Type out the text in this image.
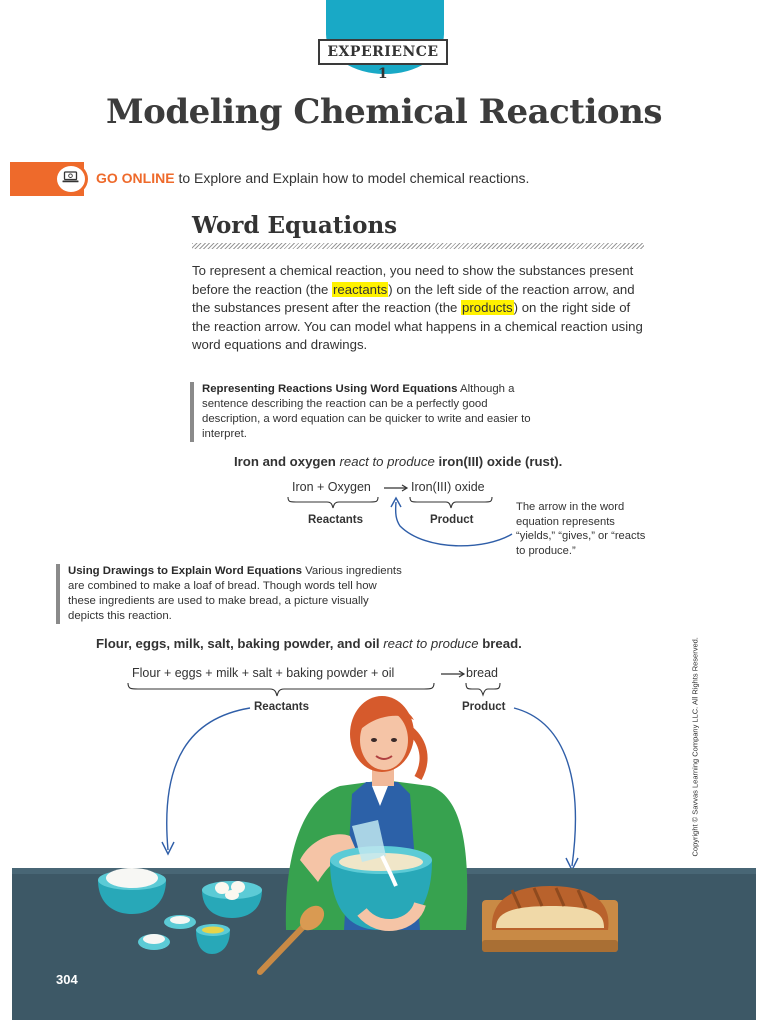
EXPERIENCE 1
Modeling Chemical Reactions
GO ONLINE to Explore and Explain how to model chemical reactions.
Word Equations
To represent a chemical reaction, you need to show the substances present before the reaction (the reactants) on the left side of the reaction arrow, and the substances present after the reaction (the products) on the right side of the reaction arrow. You can model what happens in a chemical reaction using word equations and drawings.
Representing Reactions Using Word Equations Although a sentence describing the reaction can be a perfectly good description, a word equation can be quicker to write and easier to interpret.
Iron and oxygen react to produce iron(III) oxide (rust).
Iron + Oxygen → Iron(III) oxide
Reactants	Product
The arrow in the word equation represents “yields,” “gives,” or “reacts to produce.”
Using Drawings to Explain Word Equations Various ingredients are combined to make a loaf of bread. Though words tell how these ingredients are used to make bread, a picture visually depicts this reaction.
Flour, eggs, milk, salt, baking powder, and oil react to produce bread.
Flour + eggs + milk + salt + baking powder + oil	→ bread
Reactants	Product	Copyright © Savvas Learning Company LLC. All Rights Reserved.
304
